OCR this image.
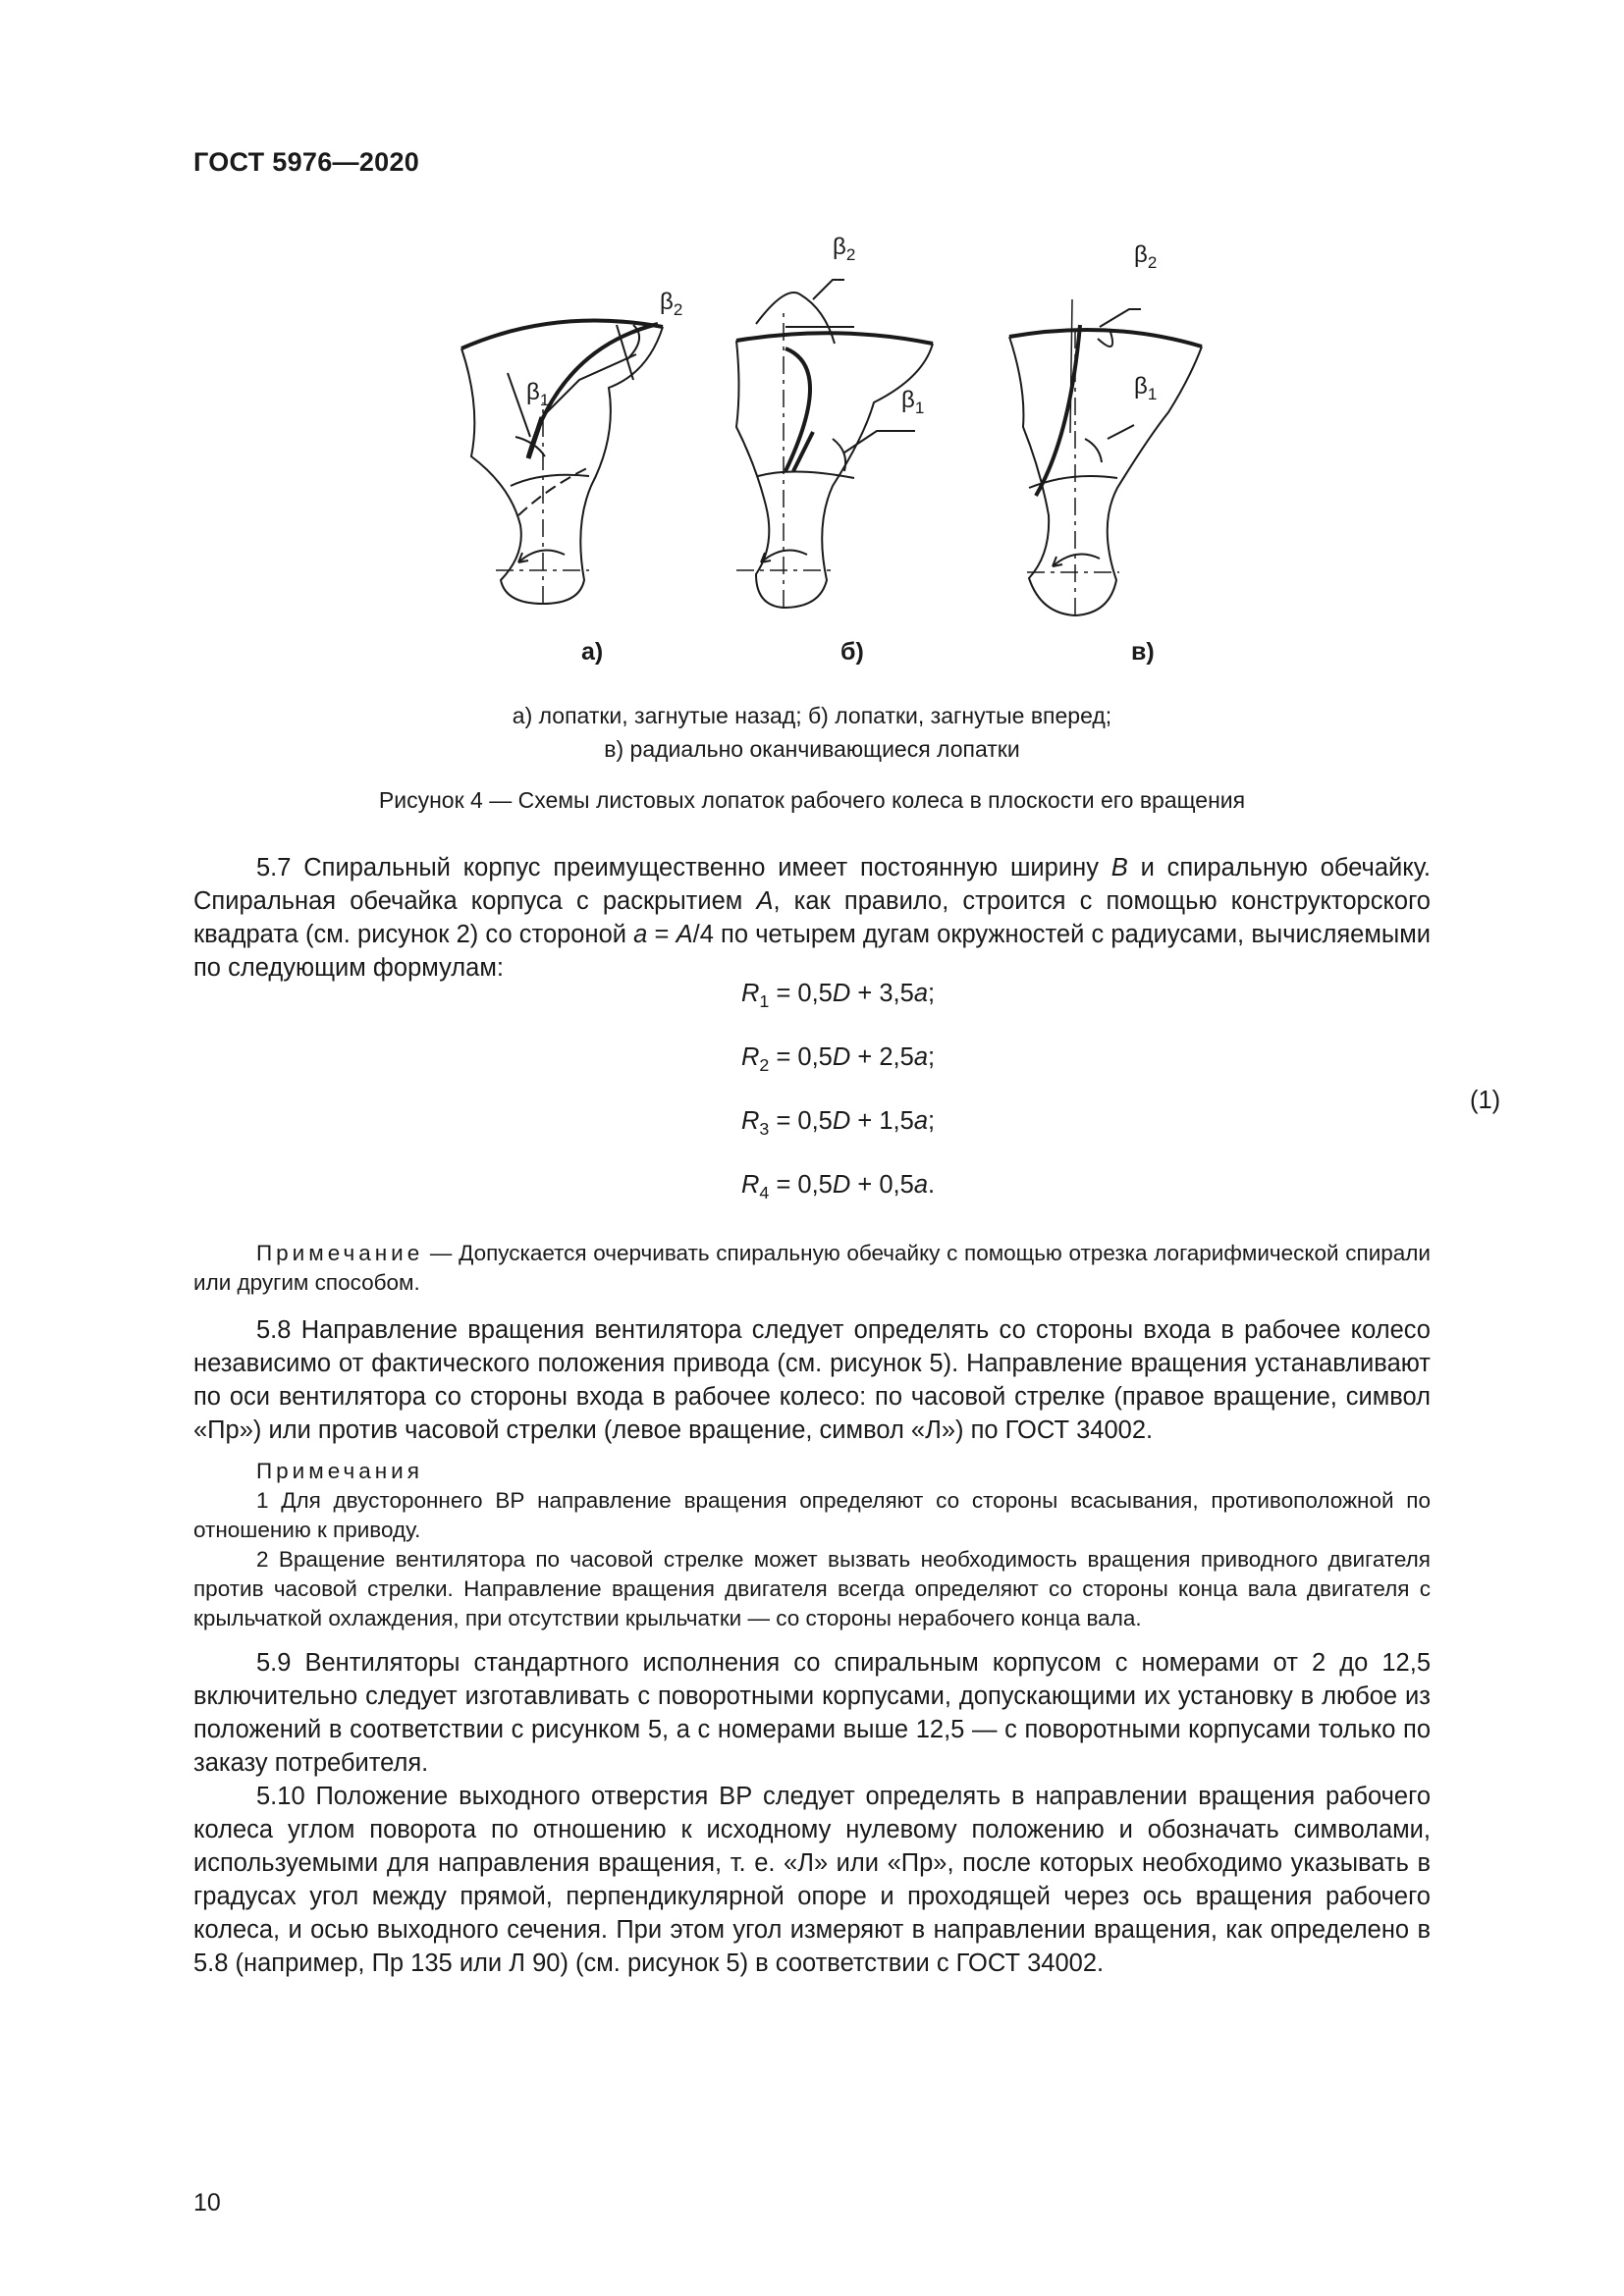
ГОСТ 5976—2020
$\beta_1$
$\beta_2$
$\beta_1$
$\beta_2$
$\beta_1$
$\beta_2$
а)	б)	в)
а) лопатки, загнутые назад; б) лопатки, загнутые вперед;
в) радиально оканчивающиеся лопатки
Рисунок 4 — Схемы листовых лопаток рабочего колеса в плоскости его вращения

5.7 Спиральный корпус преимущественно имеет постоянную ширину B и спиральную обечайку. Спиральная обечайка корпуса с раскрытием A, как правило, строится с помощью конструкторского квадрата (см. рисунок 2) со стороной a = A/4 по четырем дугам окружностей с радиусами, вычисляемыми по следующим формулам:

$R_1 = 0,5D + 3,5a$;
$R_2 = 0,5D + 2,5a$;
$R_3 = 0,5D + 1,5a$;
$R_4 = 0,5D + 0,5a$.
(1)

Примечание — Допускается очерчивать спиральную обечайку с помощью отрезка логарифмической спирали или другим способом.

5.8 Направление вращения вентилятора следует определять со стороны входа в рабочее колесо независимо от фактического положения привода (см. рисунок 5). Направление вращения устанавливают по оси вентилятора со стороны входа в рабочее колесо: по часовой стрелке (правое вращение, символ «Пр») или против часовой стрелки (левое вращение, символ «Л») по ГОСТ 34002.

Примечания

1 Для двустороннего ВР направление вращения определяют со стороны всасывания, противоположной по отношению к приводу.

2 Вращение вентилятора по часовой стрелке может вызвать необходимость вращения приводного двигателя против часовой стрелки. Направление вращения двигателя всегда определяют со стороны конца вала двигателя с крыльчаткой охлаждения, при отсутствии крыльчатки — со стороны нерабочего конца вала.

5.9 Вентиляторы стандартного исполнения со спиральным корпусом с номерами от 2 до 12,5 включительно следует изготавливать с поворотными корпусами, допускающими их установку в любое из положений в соответствии с рисунком 5, а с номерами выше 12,5 — с поворотными корпусами только по заказу потребителя.

5.10 Положение выходного отверстия ВР следует определять в направлении вращения рабочего колеса углом поворота по отношению к исходному нулевому положению и обозначать символами, используемыми для направления вращения, т. е. «Л» или «Пр», после которых необходимо указывать в градусах угол между прямой, перпендикулярной опоре и проходящей через ось вращения рабочего колеса, и осью выходного сечения. При этом угол измеряют в направлении вращения, как определено в 5.8 (например, Пр 135 или Л 90) (см. рисунок 5) в соответствии с ГОСТ 34002.

10
